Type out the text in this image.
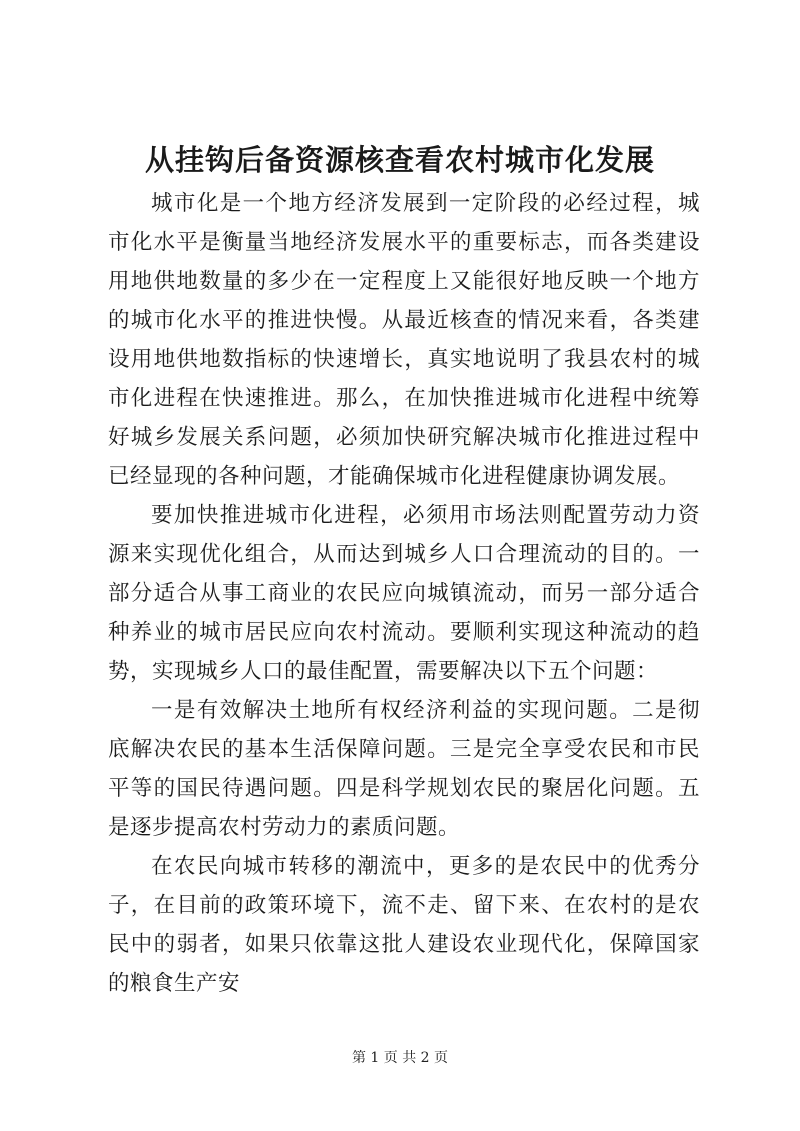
从挂钩后备资源核查看农村城市化发展

城市化是一个地方经济发展到一定阶段的必经过程，城市化水平是衡量当地经济发展水平的重要标志，而各类建设用地供地数量的多少在一定程度上又能很好地反映一个地方的城市化水平的推进快慢。从最近核查的情况来看，各类建设用地供地数指标的快速增长，真实地说明了我县农村的城市化进程在快速推进。那么，在加快推进城市化进程中统筹好城乡发展关系问题，必须加快研究解决城市化推进过程中已经显现的各种问题，才能确保城市化进程健康协调发展。

要加快推进城市化进程，必须用市场法则配置劳动力资源来实现优化组合，从而达到城乡人口合理流动的目的。一部分适合从事工商业的农民应向城镇流动，而另一部分适合种养业的城市居民应向农村流动。要顺利实现这种流动的趋势，实现城乡人口的最佳配置，需要解决以下五个问题：

一是有效解决土地所有权经济利益的实现问题。二是彻底解决农民的基本生活保障问题。三是完全享受农民和市民平等的国民待遇问题。四是科学规划农民的聚居化问题。五是逐步提高农村劳动力的素质问题。

在农民向城市转移的潮流中，更多的是农民中的优秀分子，在目前的政策环境下，流不走、留下来、在农村的是农民中的弱者，如果只依靠这批人建设农业现代化，保障国家的粮食生产安

第 1 页 共 2 页
